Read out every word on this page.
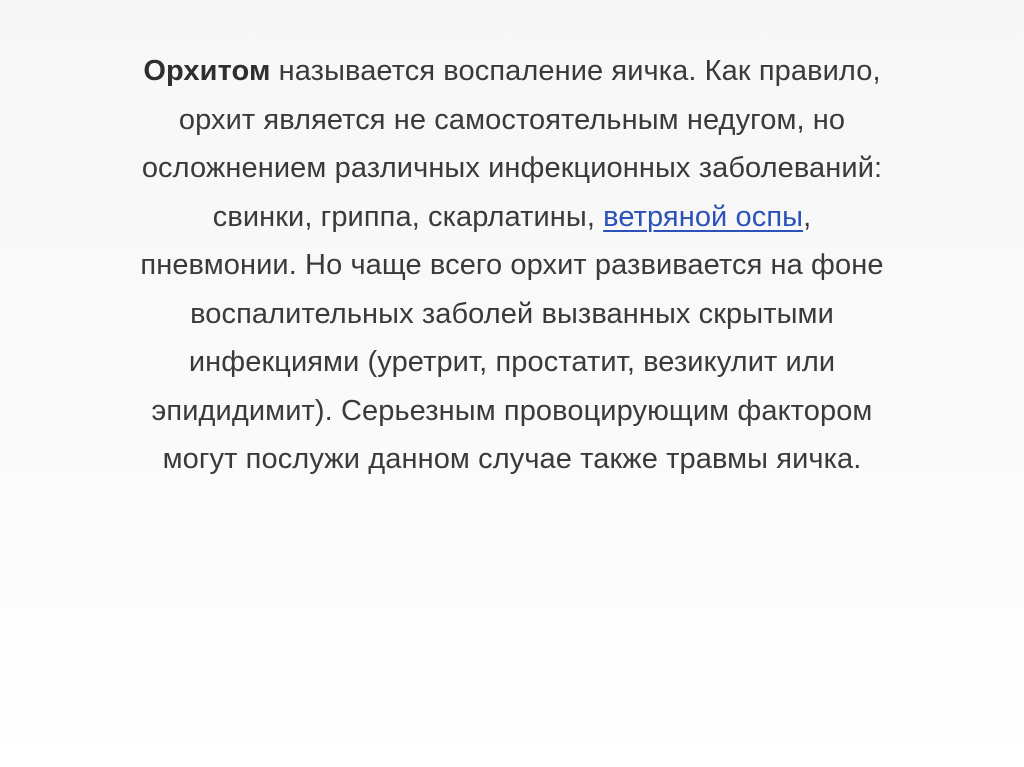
Орхитом называется воспаление яичка. Как правило,
орхит является не самостоятельным недугом, но
осложнением различных инфекционных заболеваний:
свинки, гриппа, скарлатины, ветряной оспы,
пневмонии. Но чаще всего орхит развивается на фоне
воспалительных заболей вызванных скрытыми
инфекциями (уретрит, простатит, везикулит или
эпидидимит). Серьезным провоцирующим фактором
могут послужи данном случае также травмы яичка.
